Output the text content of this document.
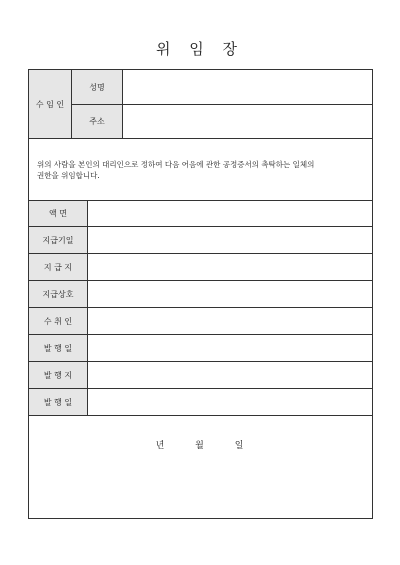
위 임 장
수 임 인
성명
주소
위의 사람을 본인의 대리인으로 정하여 다음 어음에 관한 공정증서의 촉탁하는 일체의
권한을 위임합니다.
액 면
지급기일
지 급 지
지급상호
수 취 인
발 행 일
발 행 지
발 행 일
년	월	일
